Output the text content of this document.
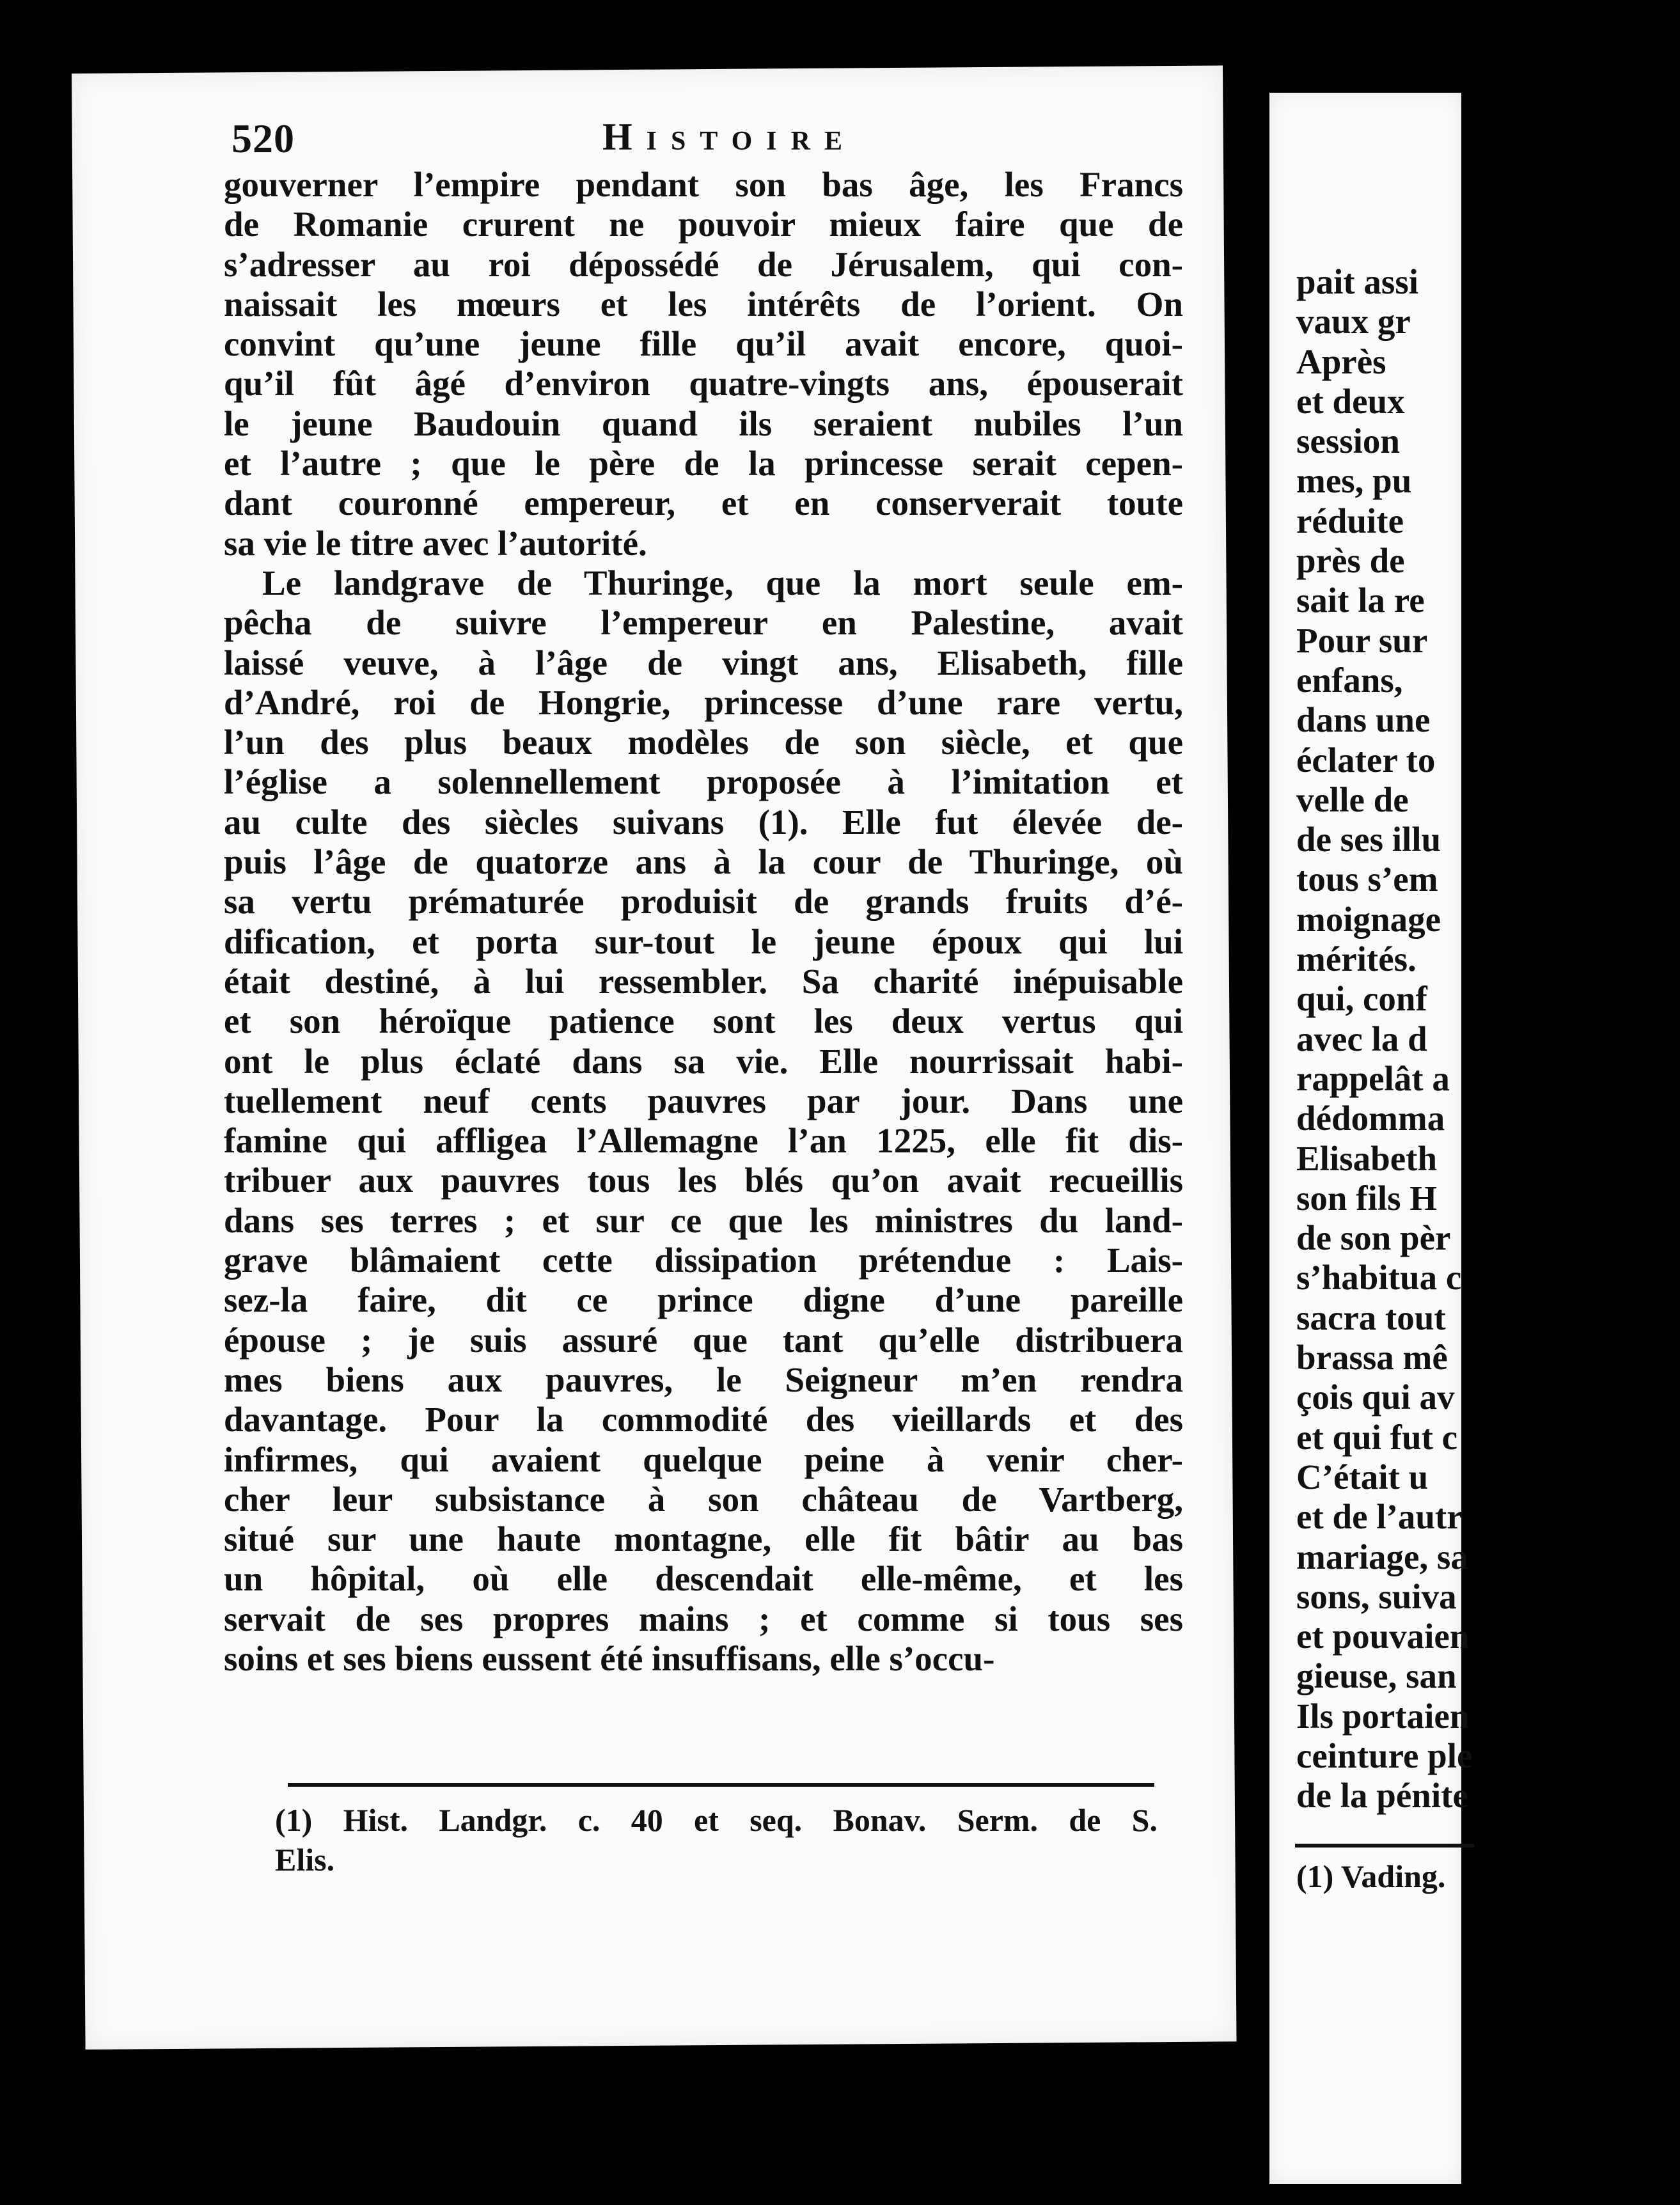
pait assi
vaux gr
Après
et deux
session
mes, pu
réduite
près de
sait la re
Pour sur
enfans,
dans une
éclater to
velle de
de ses illu
tous s’em
moignage
mérités.
qui, conf
avec la d
rappelât a
dédomma
Elisabeth
son fils H
de son pèr
s’habitua c
sacra tout
brassa mê
çois qui av
et qui fut c
C’était u
et de l’autr
mariage, sa
sons, suiva
et pouvaien
gieuse, san
Ils portaien
ceinture ple
de la pénite
(1) Vading.
520	Histoire
gouverner l’empire pendant son bas âge, les Francs
de Romanie crurent ne pouvoir mieux faire que de
s’adresser au roi dépossédé de Jérusalem, qui con-
naissait les mœurs et les intérêts de l’orient. On
convint qu’une jeune fille qu’il avait encore, quoi-
qu’il fût âgé d’environ quatre-vingts ans, épouserait
le jeune Baudouin quand ils seraient nubiles l’un
et l’autre ; que le père de la princesse serait cepen-
dant couronné empereur, et en conserverait toute
sa vie le titre avec l’autorité.
Le landgrave de Thuringe, que la mort seule em-
pêcha de suivre l’empereur en Palestine, avait
laissé veuve, à l’âge de vingt ans, Elisabeth, fille
d’André, roi de Hongrie, princesse d’une rare vertu,
l’un des plus beaux modèles de son siècle, et que
l’église a solennellement proposée à l’imitation et
au culte des siècles suivans (1). Elle fut élevée de-
puis l’âge de quatorze ans à la cour de Thuringe, où
sa vertu prématurée produisit de grands fruits d’é-
dification, et porta sur-tout le jeune époux qui lui
était destiné, à lui ressembler. Sa charité inépuisable
et son héroïque patience sont les deux vertus qui
ont le plus éclaté dans sa vie. Elle nourrissait habi-
tuellement neuf cents pauvres par jour. Dans une
famine qui affligea l’Allemagne l’an 1225, elle fit dis-
tribuer aux pauvres tous les blés qu’on avait recueillis
dans ses terres ; et sur ce que les ministres du land-
grave blâmaient cette dissipation prétendue : Lais-
sez-la faire, dit ce prince digne d’une pareille
épouse ; je suis assuré que tant qu’elle distribuera
mes biens aux pauvres, le Seigneur m’en rendra
davantage. Pour la commodité des vieillards et des
infirmes, qui avaient quelque peine à venir cher-
cher leur subsistance à son château de Vartberg,
situé sur une haute montagne, elle fit bâtir au bas
un hôpital, où elle descendait elle-même, et les
servait de ses propres mains ; et comme si tous ses
soins et ses biens eussent été insuffisans, elle s’occu-
(1) Hist. Landgr. c. 40 et seq. Bonav. Serm. de S.
Elis.
